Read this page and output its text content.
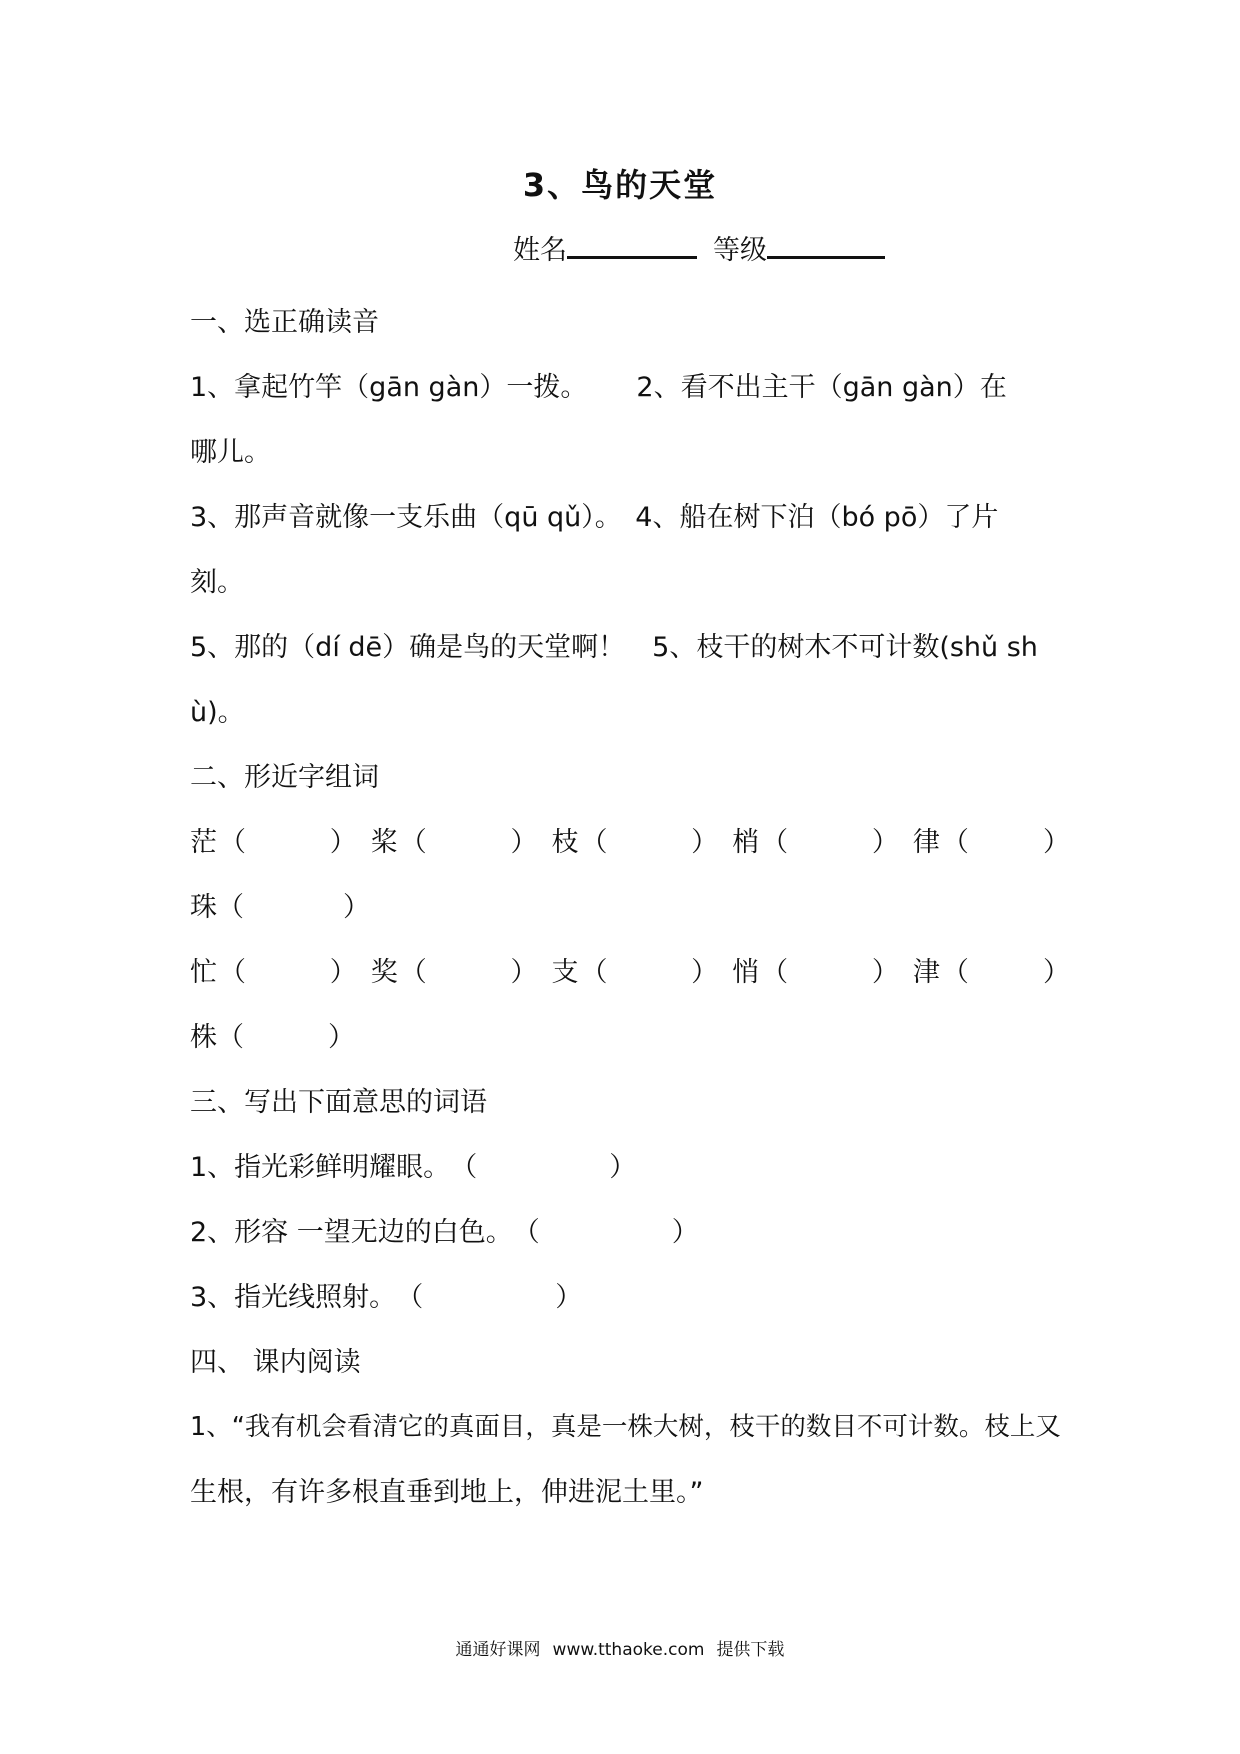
3、鸟的天堂
姓名	等级
一、选正确读音
1、拿起竹竿（gān gàn）一拨。　　 2、看不出主干（gān gàn）在
哪儿。
3、那声音就像一支乐曲（qū qǔ）。　4、船在树下泊（bó pō）了片
刻。
5、那的（dí dē）确是鸟的天堂啊！　5、枝干的树木不可计数(shǔ sh
ù)。
二、形近字组词
茫 （	） 桨 （	） 枝 （	） 梢 （	） 律 （	）
珠 （	）
忙 （	） 奖 （	） 支 （	） 悄 （	） 津 （	）
株 （	）
三、写出下面意思的词语
1、指光彩鲜明耀眼。 （	）
2、形容 一望无边的白色。 （	）
3、指光线照射。 （	）
四、 课内阅读
1、“我有机会看清它的真面目，真是一株大树，枝干的数目不可计数。枝上又
生根，有许多根直垂到地上，伸进泥土里。”
通通好课网 www.tthaoke.com 提供下载
